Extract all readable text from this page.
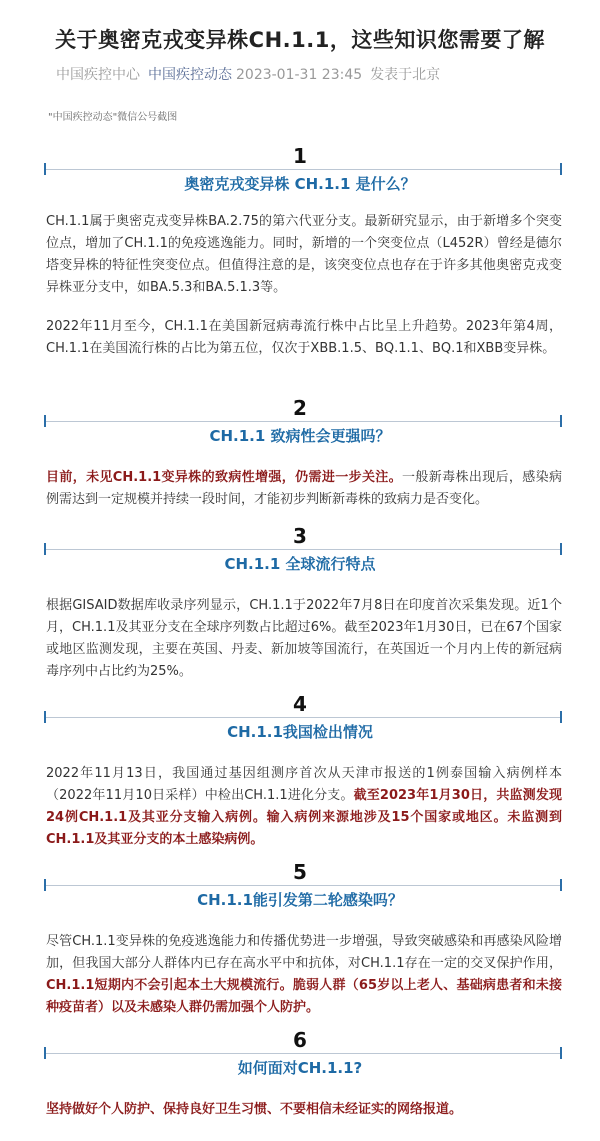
关于奥密克戎变异株CH.1.1，这些知识您需要了解
中国疾控中心 中国疾控动态 2023-01-31 23:45 发表于北京
"中国疾控动态"微信公号截图
1
奥密克戎变异株 CH.1.1 是什么？
CH.1.1属于奥密克戎变异株BA.2.75的第六代亚分支。最新研究显示，由于新增多个突变位点，增加了CH.1.1的免疫逃逸能力。同时，新增的一个突变位点（L452R）曾经是德尔塔变异株的特征性突变位点。但值得注意的是，该突变位点也存在于许多其他奥密克戎变异株亚分支中，如BA.5.3和BA.5.1.3等。
2022年11月至今，CH.1.1在美国新冠病毒流行株中占比呈上升趋势。2023年第4周，CH.1.1在美国流行株的占比为第五位，仅次于XBB.1.5、BQ.1.1、BQ.1和XBB变异株。
2
CH.1.1 致病性会更强吗？
目前，未见CH.1.1变异株的致病性增强，仍需进一步关注。一般新毒株出现后，感染病例需达到一定规模并持续一段时间，才能初步判断新毒株的致病力是否变化。
3
CH.1.1 全球流行特点
根据GISAID数据库收录序列显示，CH.1.1于2022年7月8日在印度首次采集发现。近1个月，CH.1.1及其亚分支在全球序列数占比超过6%。截至2023年1月30日，已在67个国家或地区监测发现，主要在英国、丹麦、新加坡等国流行，在英国近一个月内上传的新冠病毒序列中占比约为25%。
4
CH.1.1我国检出情况
2022年11月13日，我国通过基因组测序首次从天津市报送的1例泰国输入病例样本（2022年11月10日采样）中检出CH.1.1进化分支。截至2023年1月30日，共监测发现24例CH.1.1及其亚分支输入病例。输入病例来源地涉及15个国家或地区。未监测到CH.1.1及其亚分支的本土感染病例。
5
CH.1.1能引发第二轮感染吗？
尽管CH.1.1变异株的免疫逃逸能力和传播优势进一步增强，导致突破感染和再感染风险增加，但我国大部分人群体内已存在高水平中和抗体，对CH.1.1存在一定的交叉保护作用，CH.1.1短期内不会引起本土大规模流行。脆弱人群（65岁以上老人、基础病患者和未接种疫苗者）以及未感染人群仍需加强个人防护。
6
如何面对CH.1.1?
坚持做好个人防护、保持良好卫生习惯、不要相信未经证实的网络报道。
